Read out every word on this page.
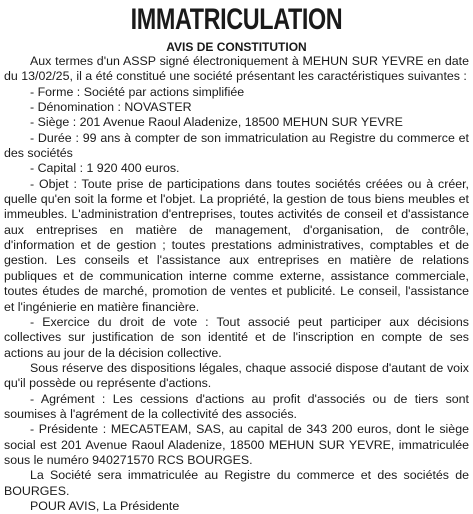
IMMATRICULATION
AVIS DE CONSTITUTION

Aux termes d'un ASSP signé électroniquement à MEHUN SUR YEVRE en date du 13/02/25, il a été constitué une société présentant les caractéristiques suivantes :

- Forme : Société par actions simplifiée

- Dénomination : NOVASTER

- Siège : 201 Avenue Raoul Aladenize, 18500 MEHUN SUR YEVRE

- Durée : 99 ans à compter de son immatriculation au Registre du commerce et des sociétés

- Capital : 1 920 400 euros.

- Objet : Toute prise de participations dans toutes sociétés créées ou à créer, quelle qu'en soit la forme et l'objet. La propriété, la gestion de tous biens meubles et immeubles. L'administration d'entreprises, toutes activités de conseil et d'assistance aux entreprises en matière de management, d'organisation, de contrôle, d'information et de gestion ; toutes prestations administratives, comptables et de gestion. Les conseils et l'assistance aux entreprises en matière de relations publiques et de communication interne comme externe, assistance commerciale, toutes études de marché, promotion de ventes et publicité. Le conseil, l'assistance et l'ingénierie en matière financière.

- Exercice du droit de vote : Tout associé peut participer aux décisions collectives sur justification de son identité et de l'inscription en compte de ses actions au jour de la décision collective.

Sous réserve des dispositions légales, chaque associé dispose d'autant de voix qu'il possède ou représente d'actions.

- Agrément : Les cessions d'actions au profit d'associés ou de tiers sont soumises à l'agrément de la collectivité des associés.

- Présidente : MECA5TEAM, SAS, au capital de 343 200 euros, dont le siège social est 201 Avenue Raoul Aladenize, 18500 MEHUN SUR YEVRE, immatriculée sous le numéro 940271570 RCS BOURGES.

La Société sera immatriculée au Registre du commerce et des sociétés de BOURGES.

POUR AVIS, La Présidente
